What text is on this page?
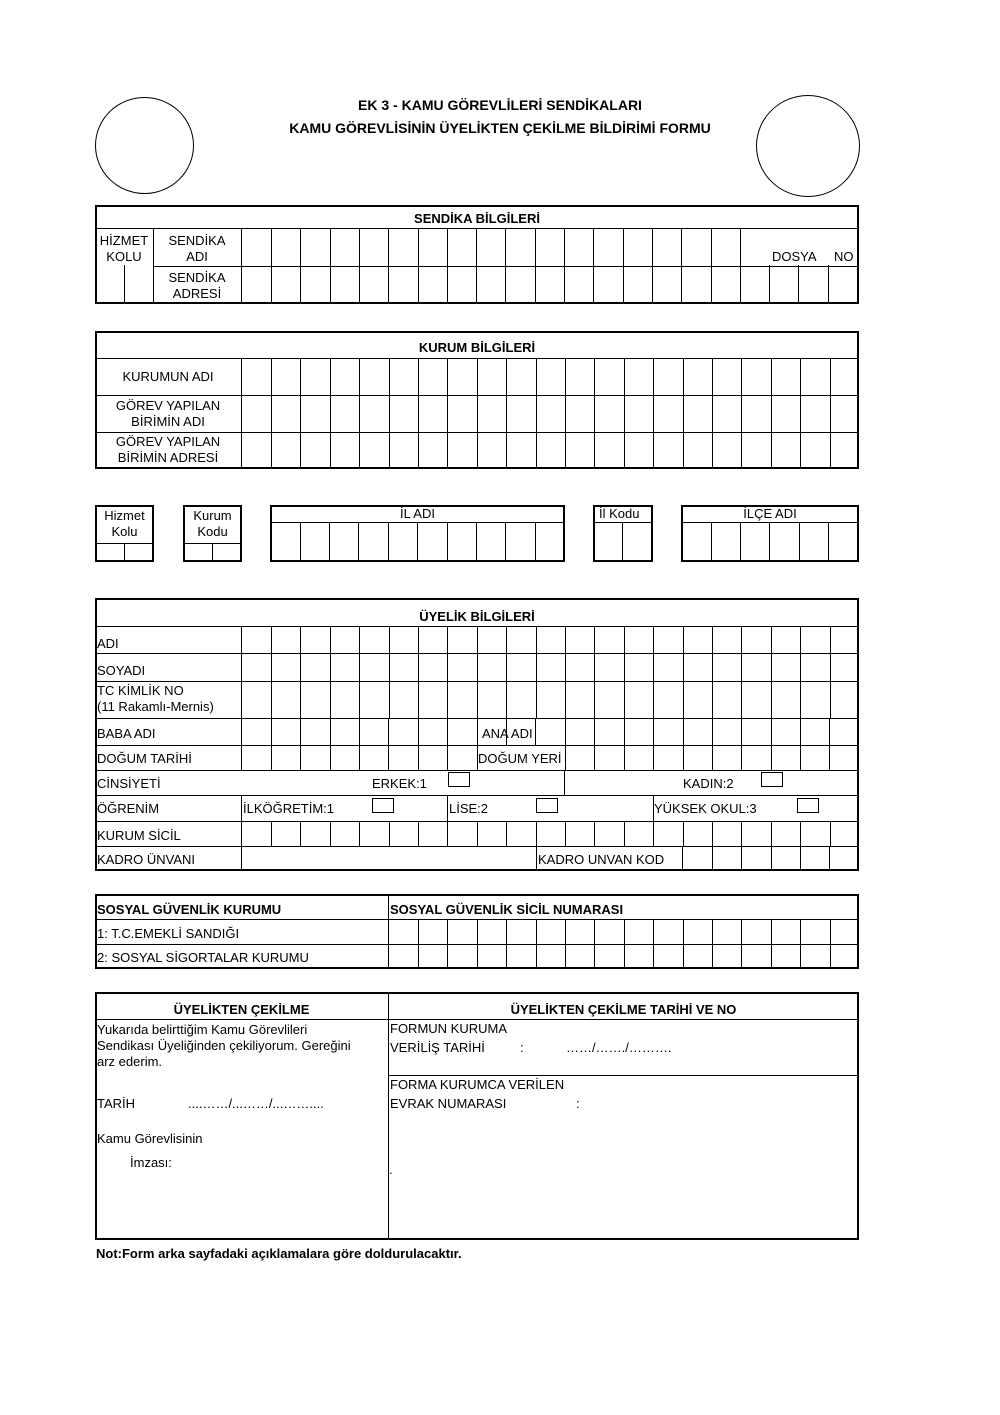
EK 3 - KAMU GÖREVLİLERİ SENDİKALARI
KAMU GÖREVLİSİNİN ÜYELİKTEN ÇEKİLME BİLDİRİMİ FORMU
SENDİKA BİLGİLERİ
HİZMET KOLU
SENDİKA ADI
SENDİKA ADRESİ
DOSYA NO
KURUM BİLGİLERİ
KURUMUN ADI
GÖREV YAPILAN BİRİMİN ADI
GÖREV YAPILAN BİRİMİN ADRESİ
Hizmet Kolu
Kurum Kodu
İL ADI	İl Kodu	İLÇE ADI
ÜYELİK BİLGİLERİ
ADI
SOYADI
TC KİMLİK NO
(11 Rakamlı-Mernis)
BABA ADI	ANA ADI
DOĞUM TARİHİ	DOĞUM YERİ
CİNSİYETİ	ERKEK:1	KADIN:2
ÖĞRENİM	İLKÖĞRETİM:1	LİSE:2	YÜKSEK OKUL:3
KURUM SİCİL
KADRO ÜNVANI	KADRO UNVAN KOD
SOSYAL GÜVENLİK KURUMU	SOSYAL GÜVENLİK SİCİL NUMARASI
1: T.C.EMEKLİ SANDIĞI
2: SOSYAL SİGORTALAR KURUMU
ÜYELİKTEN ÇEKİLME	ÜYELİKTEN ÇEKİLME TARİHİ VE NO
Yukarıda belirttiğim Kamu Görevlileri
Sendikası Üyeliğinden çekiliyorum. Gereğini
arz ederim.
TARİH	....……/...……/...……....
Kamu Görevlisinin
İmzası:
FORMUN KURUMA
VERİLİŞ TARİHİ	:	……/……./……….
FORMA KURUMCA VERİLEN
EVRAK NUMARASI	:
.
Not:Form arka sayfadaki açıklamalara göre doldurulacaktır.
